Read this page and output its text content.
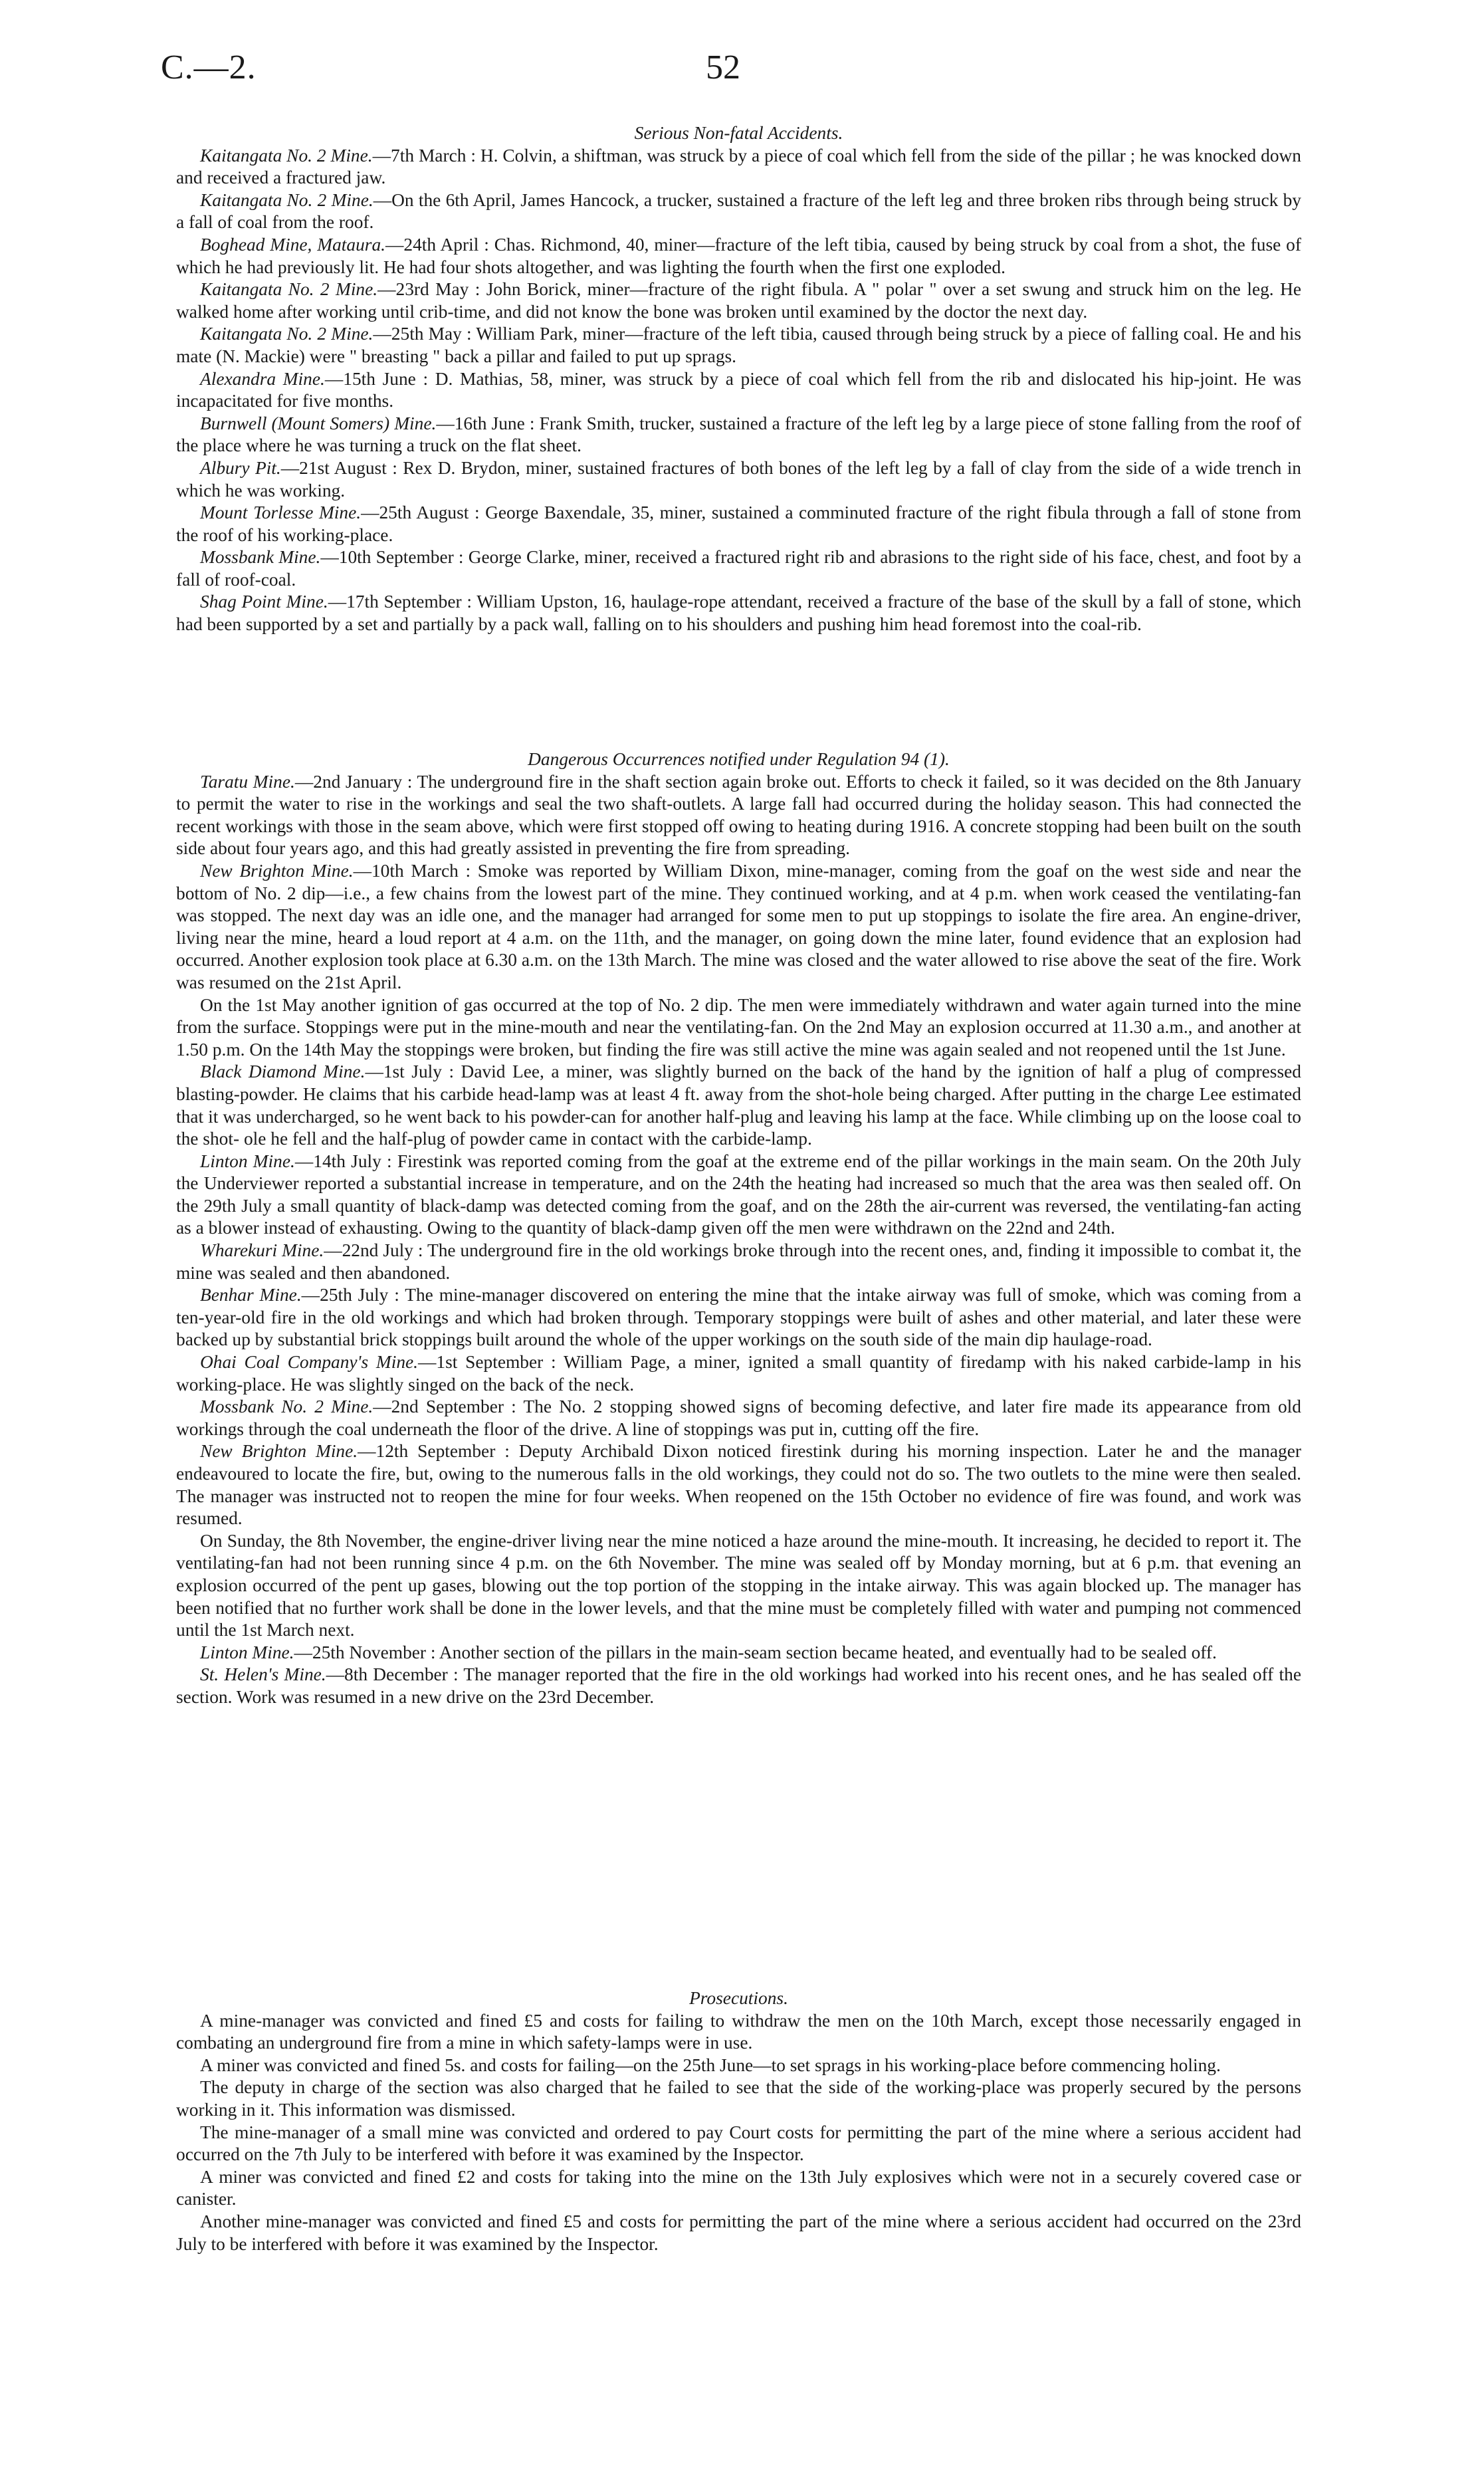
C.—2.	52

Serious Non-fatal Accidents.

Kaitangata No. 2 Mine.—7th March : H. Colvin, a shiftman, was struck by a piece of coal which fell from the side of the pillar ; he was knocked down and received a fractured jaw.

Kaitangata No. 2 Mine.—On the 6th April, James Hancock, a trucker, sustained a fracture of the left leg and three broken ribs through being struck by a fall of coal from the roof.

Boghead Mine, Mataura.—24th April : Chas. Richmond, 40, miner—fracture of the left tibia, caused by being struck by coal from a shot, the fuse of which he had previously lit. He had four shots altogether, and was lighting the fourth when the first one exploded.

Kaitangata No. 2 Mine.—23rd May : John Borick, miner—fracture of the right fibula. A " polar " over a set swung and struck him on the leg. He walked home after working until crib-time, and did not know the bone was broken until examined by the doctor the next day.

Kaitangata No. 2 Mine.—25th May : William Park, miner—fracture of the left tibia, caused through being struck by a piece of falling coal. He and his mate (N. Mackie) were " breasting " back a pillar and failed to put up sprags.

Alexandra Mine.—15th June : D. Mathias, 58, miner, was struck by a piece of coal which fell from the rib and dislocated his hip-joint. He was incapacitated for five months.

Burnwell (Mount Somers) Mine.—16th June : Frank Smith, trucker, sustained a fracture of the left leg by a large piece of stone falling from the roof of the place where he was turning a truck on the flat sheet.

Albury Pit.—21st August : Rex D. Brydon, miner, sustained fractures of both bones of the left leg by a fall of clay from the side of a wide trench in which he was working.

Mount Torlesse Mine.—25th August : George Baxendale, 35, miner, sustained a comminuted fracture of the right fibula through a fall of stone from the roof of his working-place.

Mossbank Mine.—10th September : George Clarke, miner, received a fractured right rib and abrasions to the right side of his face, chest, and foot by a fall of roof-coal.

Shag Point Mine.—17th September : William Upston, 16, haulage-rope attendant, received a fracture of the base of the skull by a fall of stone, which had been supported by a set and partially by a pack wall, falling on to his shoulders and pushing him head foremost into the coal-rib.

Dangerous Occurrences notified under Regulation 94 (1).

Taratu Mine.—2nd January : The underground fire in the shaft section again broke out. Efforts to check it failed, so it was decided on the 8th January to permit the water to rise in the workings and seal the two shaft-outlets. A large fall had occurred during the holiday season. This had connected the recent workings with those in the seam above, which were first stopped off owing to heating during 1916. A concrete stopping had been built on the south side about four years ago, and this had greatly assisted in preventing the fire from spreading.

New Brighton Mine.—10th March : Smoke was reported by William Dixon, mine-manager, coming from the goaf on the west side and near the bottom of No. 2 dip—i.e., a few chains from the lowest part of the mine. They continued working, and at 4 p.m. when work ceased the ventilating-fan was stopped. The next day was an idle one, and the manager had arranged for some men to put up stoppings to isolate the fire area. An engine-driver, living near the mine, heard a loud report at 4 a.m. on the 11th, and the manager, on going down the mine later, found evidence that an explosion had occurred. Another explosion took place at 6.30 a.m. on the 13th March. The mine was closed and the water allowed to rise above the seat of the fire. Work was resumed on the 21st April.

On the 1st May another ignition of gas occurred at the top of No. 2 dip. The men were immediately withdrawn and water again turned into the mine from the surface. Stoppings were put in the mine-mouth and near the ventilating-fan. On the 2nd May an explosion occurred at 11.30 a.m., and another at 1.50 p.m. On the 14th May the stoppings were broken, but finding the fire was still active the mine was again sealed and not reopened until the 1st June.

Black Diamond Mine.—1st July : David Lee, a miner, was slightly burned on the back of the hand by the ignition of half a plug of compressed blasting-powder. He claims that his carbide head-lamp was at least 4 ft. away from the shot-hole being charged. After putting in the charge Lee estimated that it was undercharged, so he went back to his powder-can for another half-plug and leaving his lamp at the face. While climbing up on the loose coal to the shot- ole he fell and the half-plug of powder came in contact with the carbide-lamp.

Linton Mine.—14th July : Firestink was reported coming from the goaf at the extreme end of the pillar workings in the main seam. On the 20th July the Underviewer reported a substantial increase in temperature, and on the 24th the heating had increased so much that the area was then sealed off. On the 29th July a small quantity of black-damp was detected coming from the goaf, and on the 28th the air-current was reversed, the ventilating-fan acting as a blower instead of exhausting. Owing to the quantity of black-damp given off the men were withdrawn on the 22nd and 24th.

Wharekuri Mine.—22nd July : The underground fire in the old workings broke through into the recent ones, and, finding it impossible to combat it, the mine was sealed and then abandoned.

Benhar Mine.—25th July : The mine-manager discovered on entering the mine that the intake airway was full of smoke, which was coming from a ten-year-old fire in the old workings and which had broken through. Temporary stoppings were built of ashes and other material, and later these were backed up by substantial brick stoppings built around the whole of the upper workings on the south side of the main dip haulage-road.

Ohai Coal Company's Mine.—1st September : William Page, a miner, ignited a small quantity of firedamp with his naked carbide-lamp in his working-place. He was slightly singed on the back of the neck.

Mossbank No. 2 Mine.—2nd September : The No. 2 stopping showed signs of becoming defective, and later fire made its appearance from old workings through the coal underneath the floor of the drive. A line of stoppings was put in, cutting off the fire.

New Brighton Mine.—12th September : Deputy Archibald Dixon noticed firestink during his morning inspection. Later he and the manager endeavoured to locate the fire, but, owing to the numerous falls in the old workings, they could not do so. The two outlets to the mine were then sealed. The manager was instructed not to reopen the mine for four weeks. When reopened on the 15th October no evidence of fire was found, and work was resumed.

On Sunday, the 8th November, the engine-driver living near the mine noticed a haze around the mine-mouth. It increasing, he decided to report it. The ventilating-fan had not been running since 4 p.m. on the 6th November. The mine was sealed off by Monday morning, but at 6 p.m. that evening an explosion occurred of the pent up gases, blowing out the top portion of the stopping in the intake airway. This was again blocked up. The manager has been notified that no further work shall be done in the lower levels, and that the mine must be completely filled with water and pumping not commenced until the 1st March next.

Linton Mine.—25th November : Another section of the pillars in the main-seam section became heated, and eventually had to be sealed off.

St. Helen's Mine.—8th December : The manager reported that the fire in the old workings had worked into his recent ones, and he has sealed off the section. Work was resumed in a new drive on the 23rd December.

Prosecutions.

A mine-manager was convicted and fined £5 and costs for failing to withdraw the men on the 10th March, except those necessarily engaged in combating an underground fire from a mine in which safety-lamps were in use.

A miner was convicted and fined 5s. and costs for failing—on the 25th June—to set sprags in his working-place before commencing holing.

The deputy in charge of the section was also charged that he failed to see that the side of the working-place was properly secured by the persons working in it. This information was dismissed.

The mine-manager of a small mine was convicted and ordered to pay Court costs for permitting the part of the mine where a serious accident had occurred on the 7th July to be interfered with before it was examined by the Inspector.

A miner was convicted and fined £2 and costs for taking into the mine on the 13th July explosives which were not in a securely covered case or canister.

Another mine-manager was convicted and fined £5 and costs for permitting the part of the mine where a serious accident had occurred on the 23rd July to be interfered with before it was examined by the Inspector.
